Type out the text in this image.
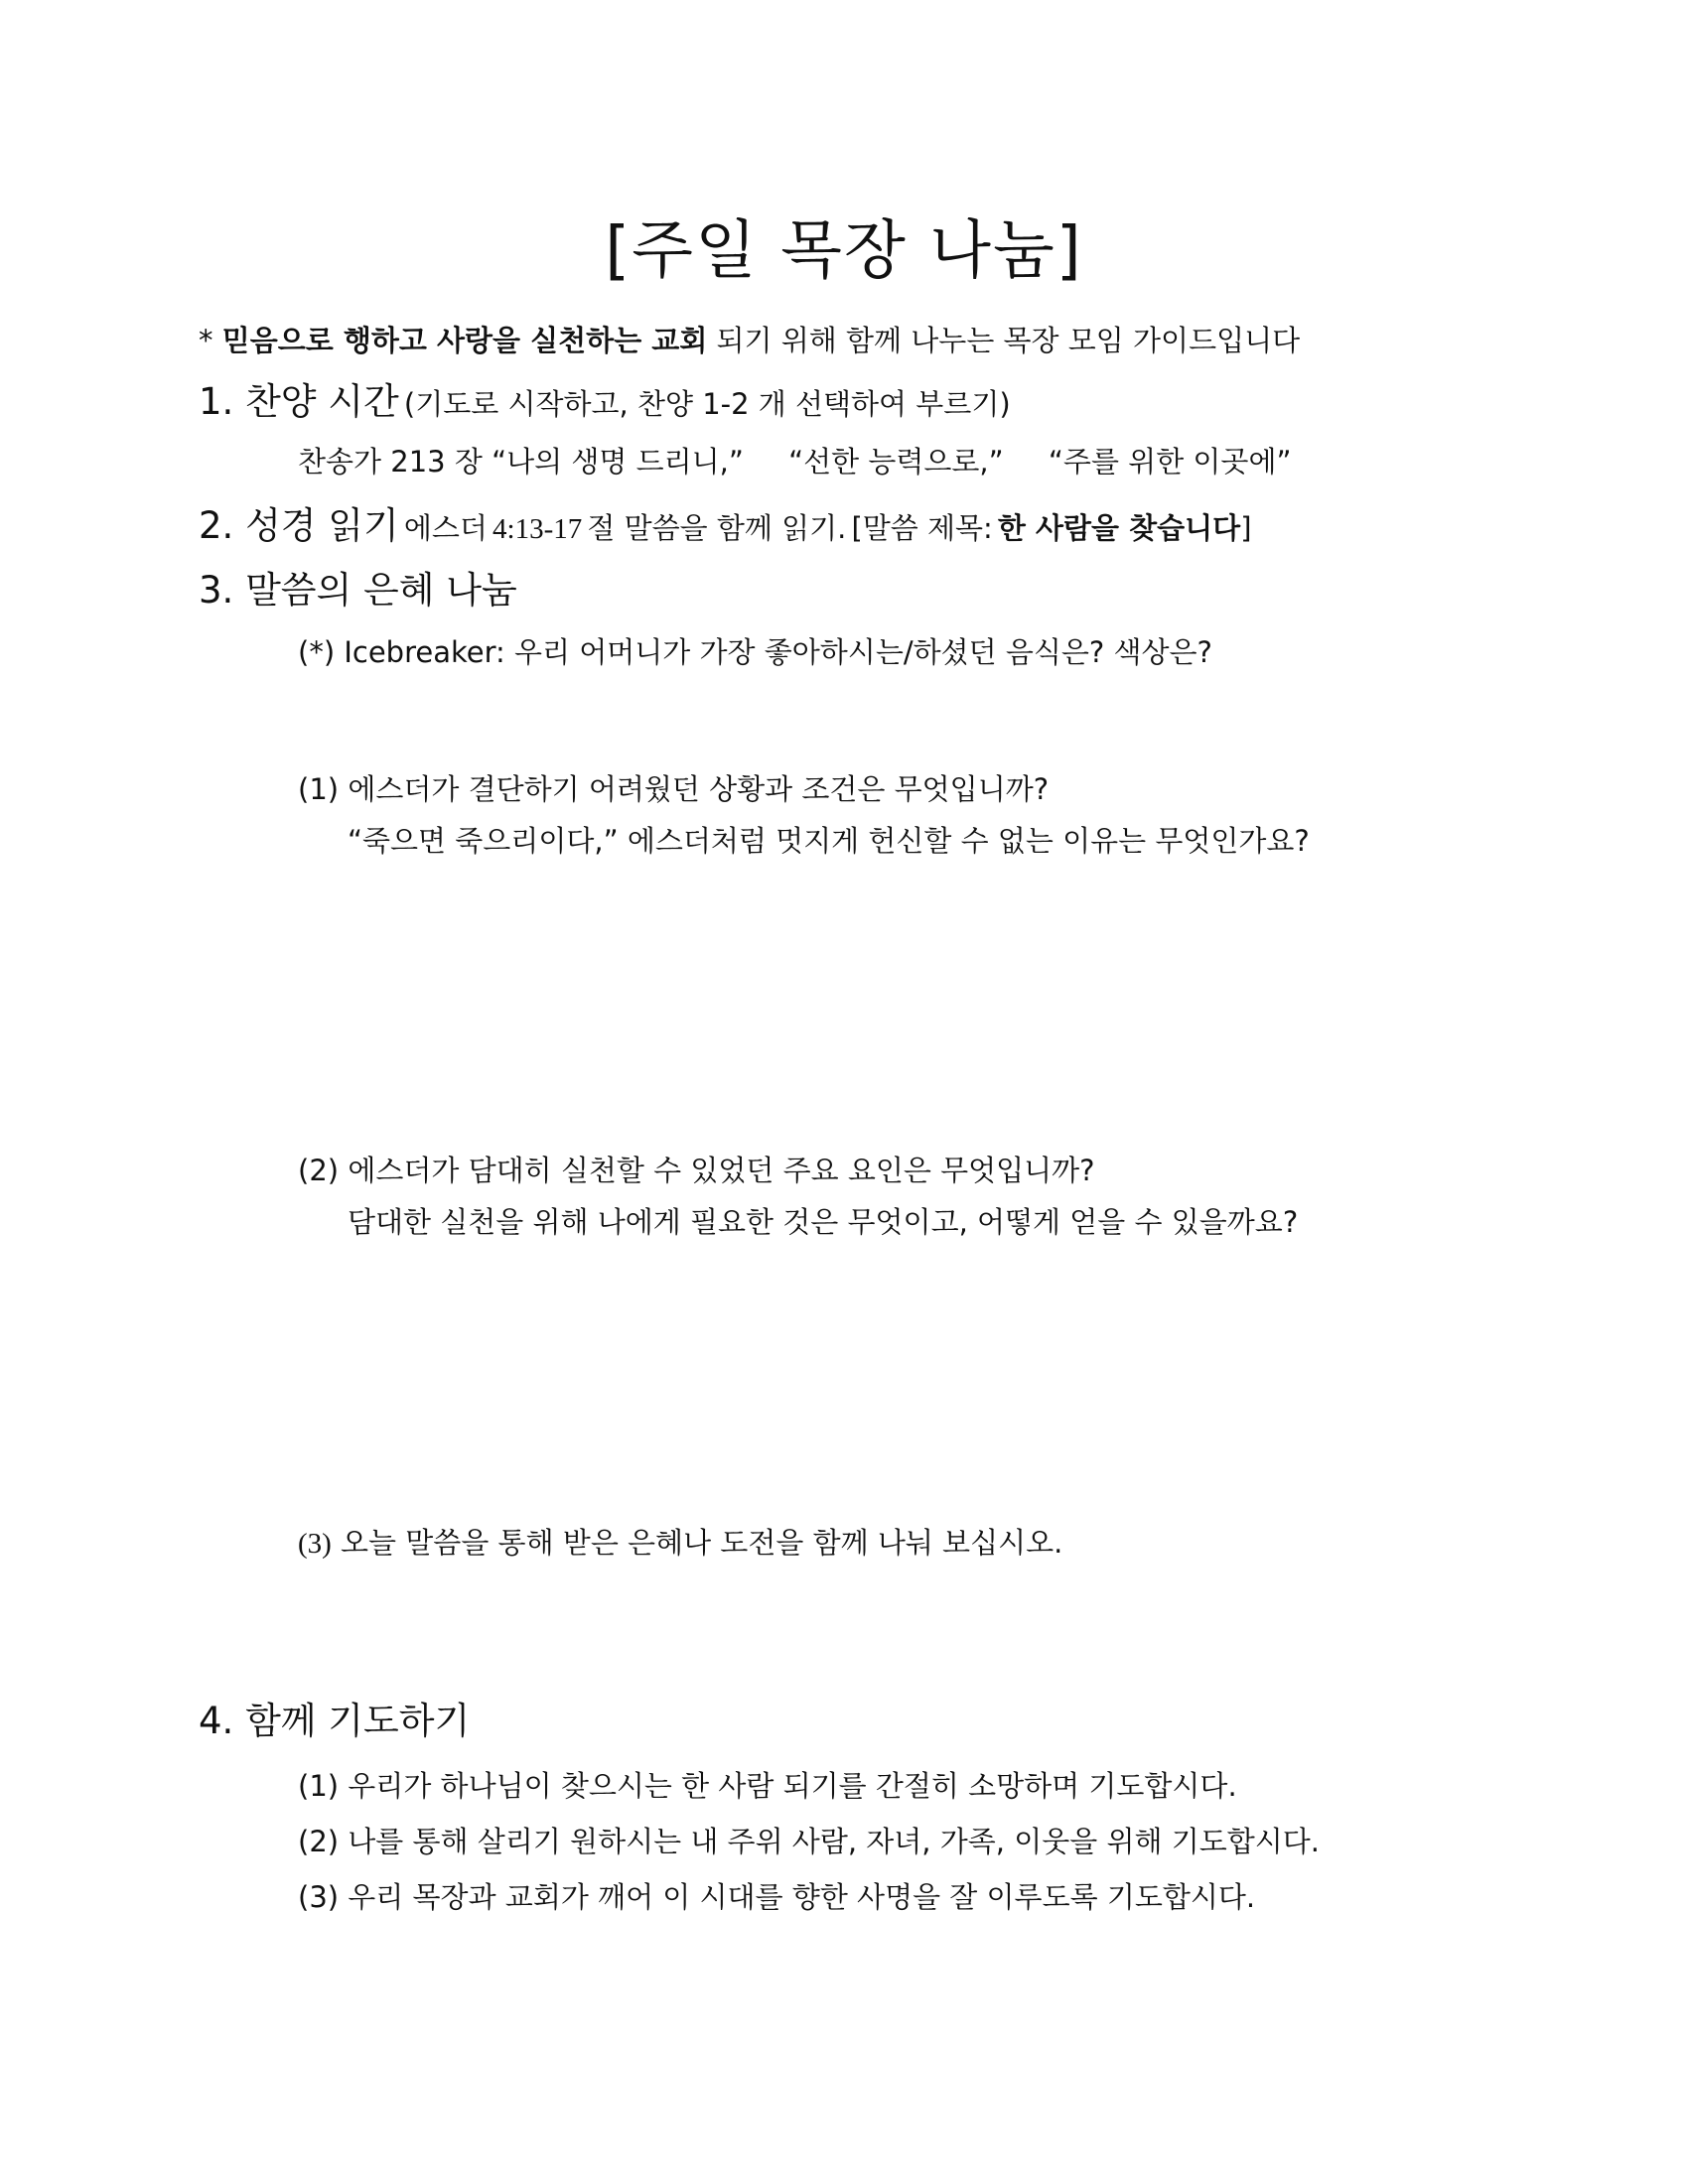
[주일 목장 나눔]
* 믿음으로 행하고 사랑을 실천하는 교회 되기 위해 함께 나누는 목장 모임 가이드입니다
1. 찬양 시간 (기도로 시작하고, 찬양 1-2 개 선택하여 부르기)
찬송가 213 장 “나의 생명 드리니,” “선한 능력으로,” “주를 위한 이곳에”
2. 성경 읽기 에스더 4:13-17 절 말씀을 함께 읽기. [말씀 제목: 한 사람을 찾습니다]
3. 말씀의 은혜 나눔
(*) Icebreaker: 우리 어머니가 가장 좋아하시는/하셨던 음식은? 색상은?
(1) 에스더가 결단하기 어려웠던 상황과 조건은 무엇입니까?
“죽으면 죽으리이다,” 에스더처럼 멋지게 헌신할 수 없는 이유는 무엇인가요?
(2) 에스더가 담대히 실천할 수 있었던 주요 요인은 무엇입니까?
담대한 실천을 위해 나에게 필요한 것은 무엇이고, 어떻게 얻을 수 있을까요?
(3) 오늘 말씀을 통해 받은 은혜나 도전을 함께 나눠 보십시오.
4. 함께 기도하기
(1) 우리가 하나님이 찾으시는 한 사람 되기를 간절히 소망하며 기도합시다.
(2) 나를 통해 살리기 원하시는 내 주위 사람, 자녀, 가족, 이웃을 위해 기도합시다.
(3) 우리 목장과 교회가 깨어 이 시대를 향한 사명을 잘 이루도록 기도합시다.
